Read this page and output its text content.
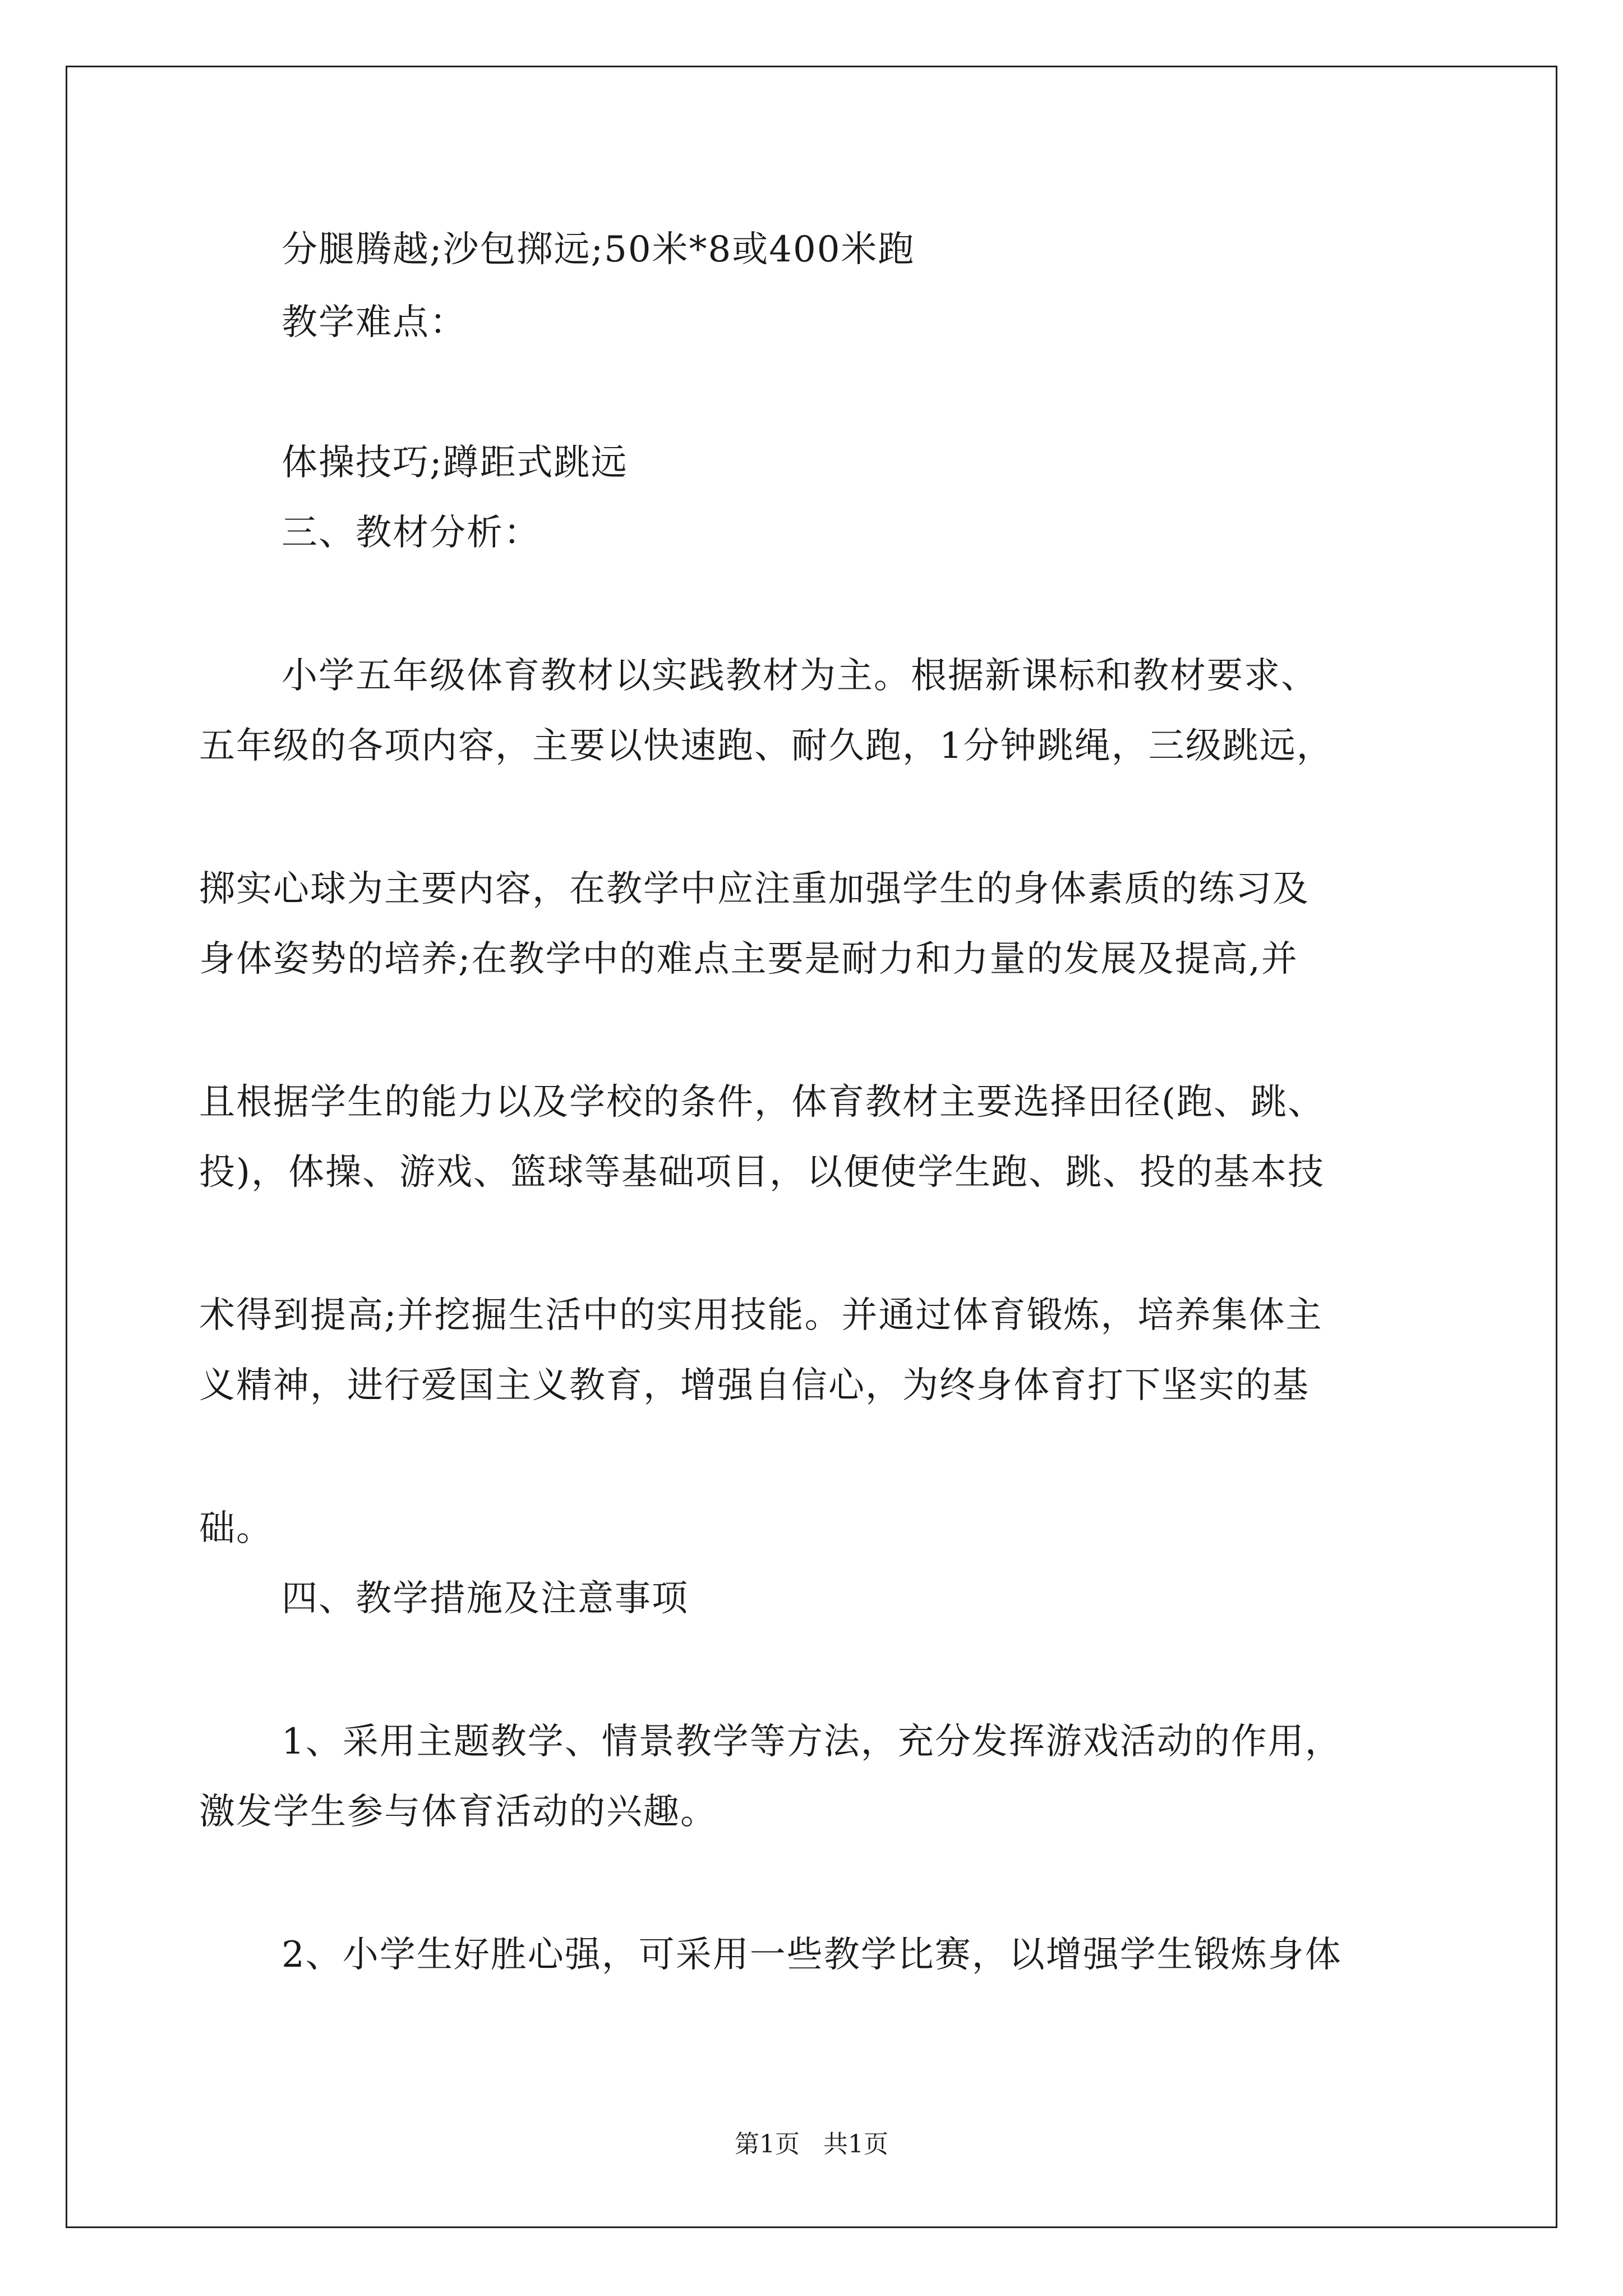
分腿腾越;沙包掷远;50米*8或400米跑
教学难点：
体操技巧;蹲距式跳远
三、教材分析：
小学五年级体育教材以实践教材为主。根据新课标和教材要求、
五年级的各项内容，主要以快速跑、耐久跑，1分钟跳绳，三级跳远，
掷实心球为主要内容，在教学中应注重加强学生的身体素质的练习及
身体姿势的培养;在教学中的难点主要是耐力和力量的发展及提高,并
且根据学生的能力以及学校的条件，体育教材主要选择田径(跑、跳、
投)，体操、游戏、篮球等基础项目，以便使学生跑、跳、投的基本技
术得到提高;并挖掘生活中的实用技能。并通过体育锻炼，培养集体主
义精神，进行爱国主义教育，增强自信心，为终身体育打下坚实的基
础。
四、教学措施及注意事项
1、采用主题教学、情景教学等方法，充分发挥游戏活动的作用，
激发学生参与体育活动的兴趣。
2、小学生好胜心强，可采用一些教学比赛，以增强学生锻炼身体
第1页   共1页
